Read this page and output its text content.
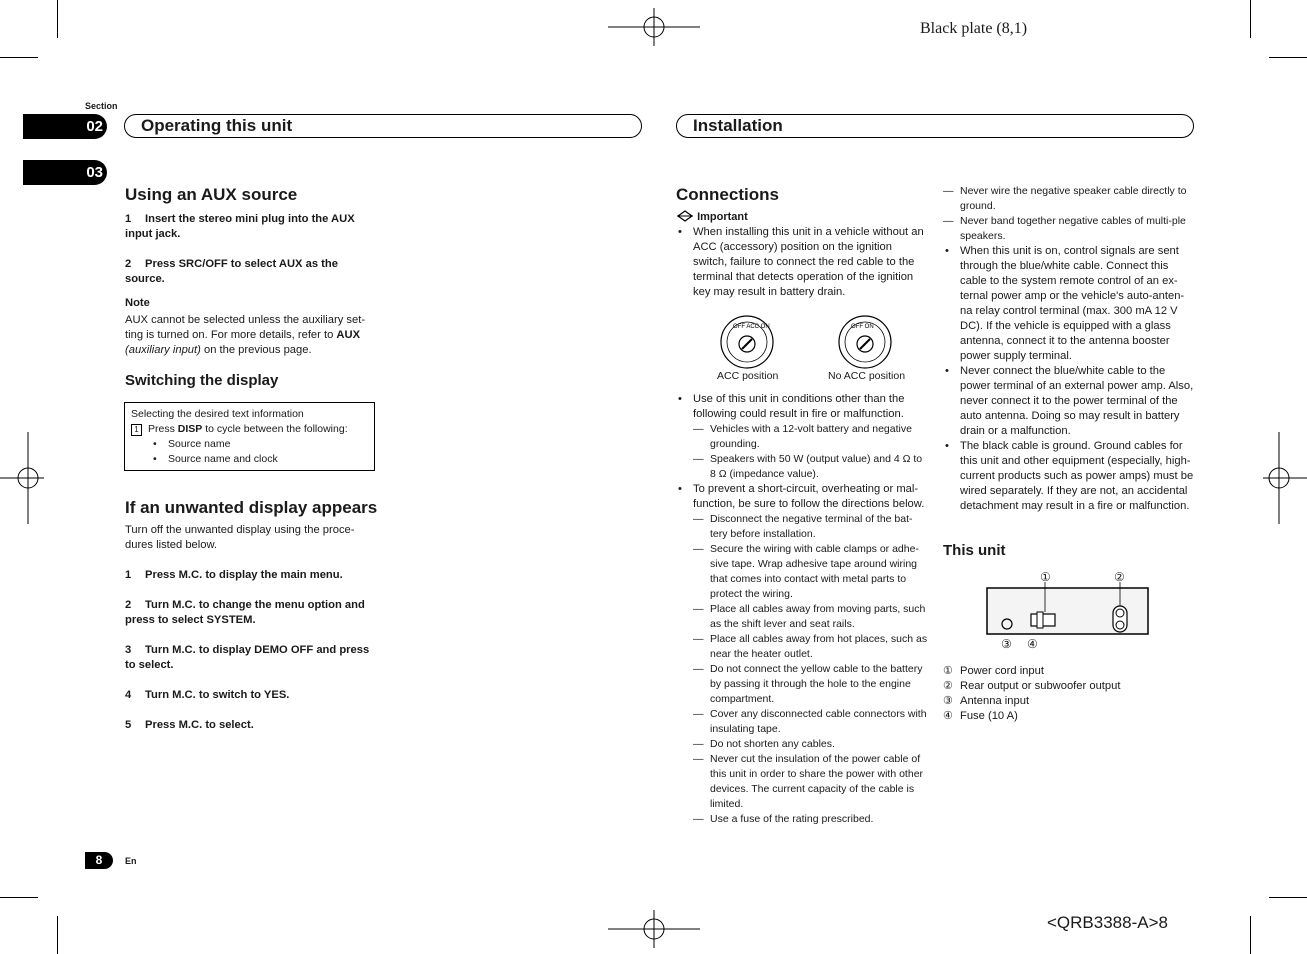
Black plate (8,1)
<QRB3388-A>8
Section
02
03
Operating this unit	Installation
Using an AUX source

1 Insert the stereo mini plug into the AUX input jack.

2 Press SRC/OFF to select AUX as the source.

Note

AUX cannot be selected unless the auxiliary set-ting is turned on. For more details, refer to AUX (auxiliary input) on the previous page.

Switching the display

Selecting the desired text information

1 Press DISP to cycle between the following:

• Source name
• Source name and clock
If an unwanted display appears

Turn off the unwanted display using the proce-dures listed below.

1 Press M.C. to display the main menu.

2 Turn M.C. to change the menu option and press to select SYSTEM.

3 Turn M.C. to display DEMO OFF and press to select.

4 Turn M.C. to switch to YES.

5 Press M.C. to select.

Connections

Important

• When installing this unit in a vehicle without an ACC (accessory) position on the ignition switch, failure to connect the red cable to the terminal that detects operation of the ignition key may result in battery drain.
OFF ACC ON	OFF ON
ACC position	No ACC position
• Use of this unit in conditions other than the following could result in fire or malfunction.
— Vehicles with a 12-volt battery and negative grounding.
— Speakers with 50 W (output value) and 4 Ω to 8 Ω (impedance value).
• To prevent a short-circuit, overheating or mal-function, be sure to follow the directions below.
— Disconnect the negative terminal of the bat-tery before installation.
— Secure the wiring with cable clamps or adhe-sive tape. Wrap adhesive tape around wiring that comes into contact with metal parts to protect the wiring.
— Place all cables away from moving parts, such as the shift lever and seat rails.
— Place all cables away from hot places, such as near the heater outlet.
— Do not connect the yellow cable to the battery by passing it through the hole to the engine compartment.
— Cover any disconnected cable connectors with insulating tape.
— Do not shorten any cables.
— Never cut the insulation of the power cable of this unit in order to share the power with other devices. The current capacity of the cable is limited.
— Use a fuse of the rating prescribed.
— Never wire the negative speaker cable directly to ground.
— Never band together negative cables of multi-ple speakers.
• When this unit is on, control signals are sent through the blue/white cable. Connect this cable to the system remote control of an ex-ternal power amp or the vehicle's auto-anten-na relay control terminal (max. 300 mA 12 V DC). If the vehicle is equipped with a glass antenna, connect it to the antenna booster power supply terminal.
• Never connect the blue/white cable to the power terminal of an external power amp. Also, never connect it to the power terminal of the auto antenna. Doing so may result in battery drain or a malfunction.
• The black cable is ground. Ground cables for this unit and other equipment (especially, high-current products such as power amps) must be wired separately. If they are not, an accidental detachment may result in a fire or malfunction.
This unit
①	②
③ ④

① Power cord input

② Rear output or subwoofer output

③ Antenna input

④ Fuse (10 A)

8	En
